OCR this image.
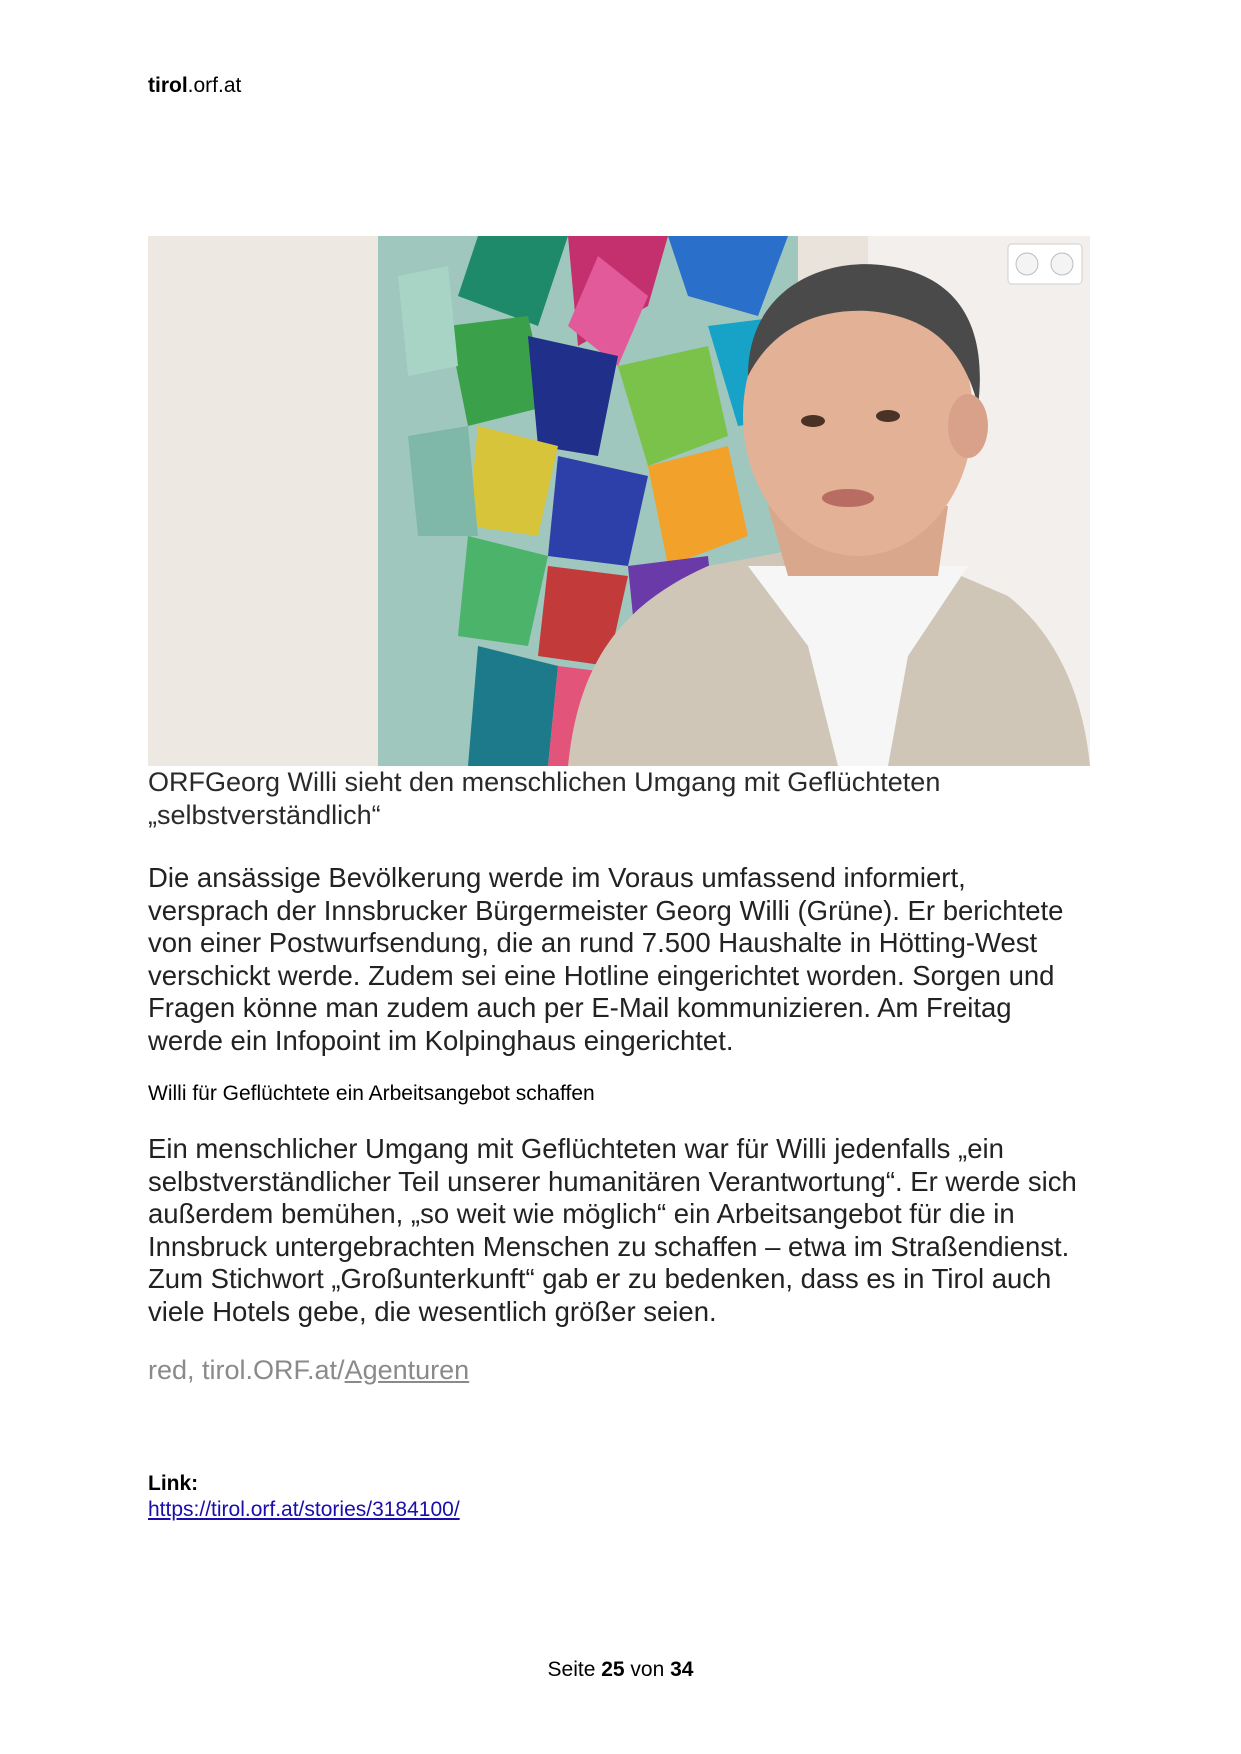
tirol.orf.at
ORFGeorg Willi sieht den menschlichen Umgang mit Geflüchteten „selbstverständlich“
Die ansässige Bevölkerung werde im Voraus umfassend informiert, versprach der Innsbrucker Bürgermeister Georg Willi (Grüne). Er berichtete von einer Postwurfsendung, die an rund 7.500 Haushalte in Hötting-West verschickt werde. Zudem sei eine Hotline eingerichtet worden. Sorgen und Fragen könne man zudem auch per E-Mail kommunizieren. Am Freitag werde ein Infopoint im Kolpinghaus eingerichtet.
Willi für Geflüchtete ein Arbeitsangebot schaffen
Ein menschlicher Umgang mit Geflüchteten war für Willi jedenfalls „ein selbstverständlicher Teil unserer humanitären Verantwortung“. Er werde sich außerdem bemühen, „so weit wie möglich“ ein Arbeitsangebot für die in Innsbruck untergebrachten Menschen zu schaffen – etwa im Straßendienst. Zum Stichwort „Großunterkunft“ gab er zu bedenken, dass es in Tirol auch viele Hotels gebe, die wesentlich größer seien.
red, tirol.ORF.at/Agenturen
Link:
https://tirol.orf.at/stories/3184100/
Seite 25 von 34
